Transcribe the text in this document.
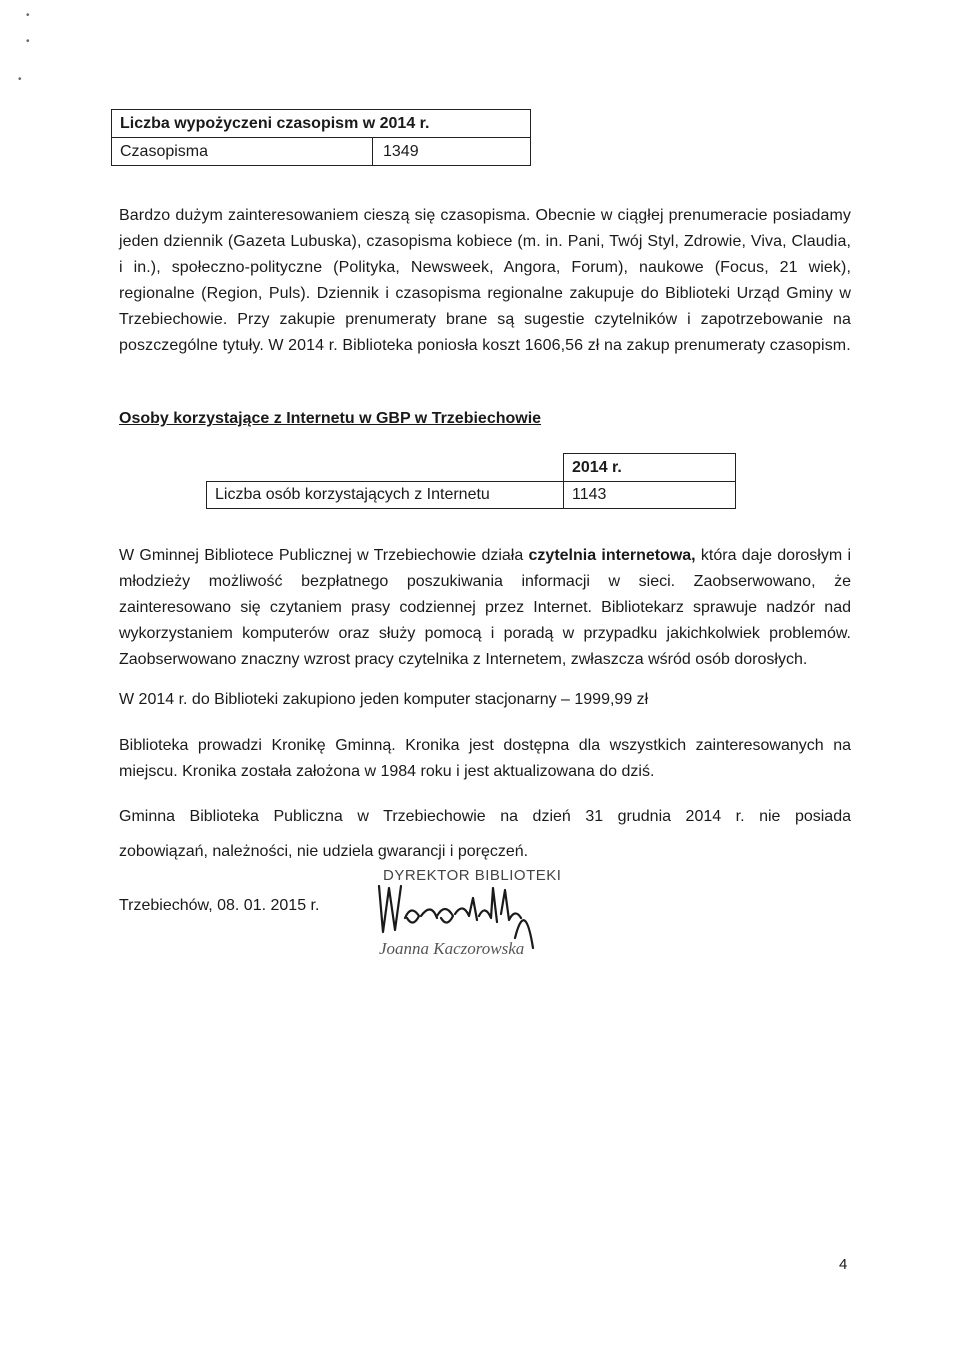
•
•
•
Liczba wypożyczeni czasopism w 2014 r.
Czasopisma	1349

Bardzo dużym zainteresowaniem cieszą się czasopisma. Obecnie w ciągłej prenumeracie posiadamy jeden dziennik (Gazeta Lubuska), czasopisma kobiece (m. in. Pani, Twój Styl, Zdrowie, Viva, Claudia, i in.), społeczno-polityczne (Polityka, Newsweek, Angora, Forum), naukowe (Focus, 21 wiek), regionalne (Region, Puls). Dziennik i czasopisma regionalne zakupuje do Biblioteki Urząd Gminy w Trzebiechowie. Przy zakupie prenumeraty brane są sugestie czytelników i zapotrzebowanie na poszczególne tytuły. W 2014 r. Biblioteka poniosła koszt 1606,56 zł na zakup prenumeraty czasopism.

Osoby korzystające z Internetu w GBP w Trzebiechowie
2014 r.
Liczba osób korzystających z Internetu	1143

W Gminnej Bibliotece Publicznej w Trzebiechowie działa czytelnia internetowa, która daje dorosłym i młodzieży możliwość bezpłatnego poszukiwania informacji w sieci. Zaobserwowano, że zainteresowano się czytaniem prasy codziennej przez Internet. Bibliotekarz sprawuje nadzór nad wykorzystaniem komputerów oraz służy pomocą i poradą w przypadku jakichkolwiek problemów. Zaobserwowano znaczny wzrost pracy czytelnika z Internetem, zwłaszcza wśród osób dorosłych.

W 2014 r. do Biblioteki zakupiono jeden komputer stacjonarny – 1999,99 zł

Biblioteka prowadzi Kronikę Gminną. Kronika jest dostępna dla wszystkich zainteresowanych na miejscu. Kronika została założona w 1984 roku i jest aktualizowana do dziś.

Gminna Biblioteka Publiczna w Trzebiechowie na dzień 31 grudnia 2014 r. nie posiada

zobowiązań, należności, nie udziela gwarancji i poręczeń.

Trzebiechów, 08. 01. 2015 r.

DYREKTOR BIBLIOTEKI
Joanna Kaczorowska
4
